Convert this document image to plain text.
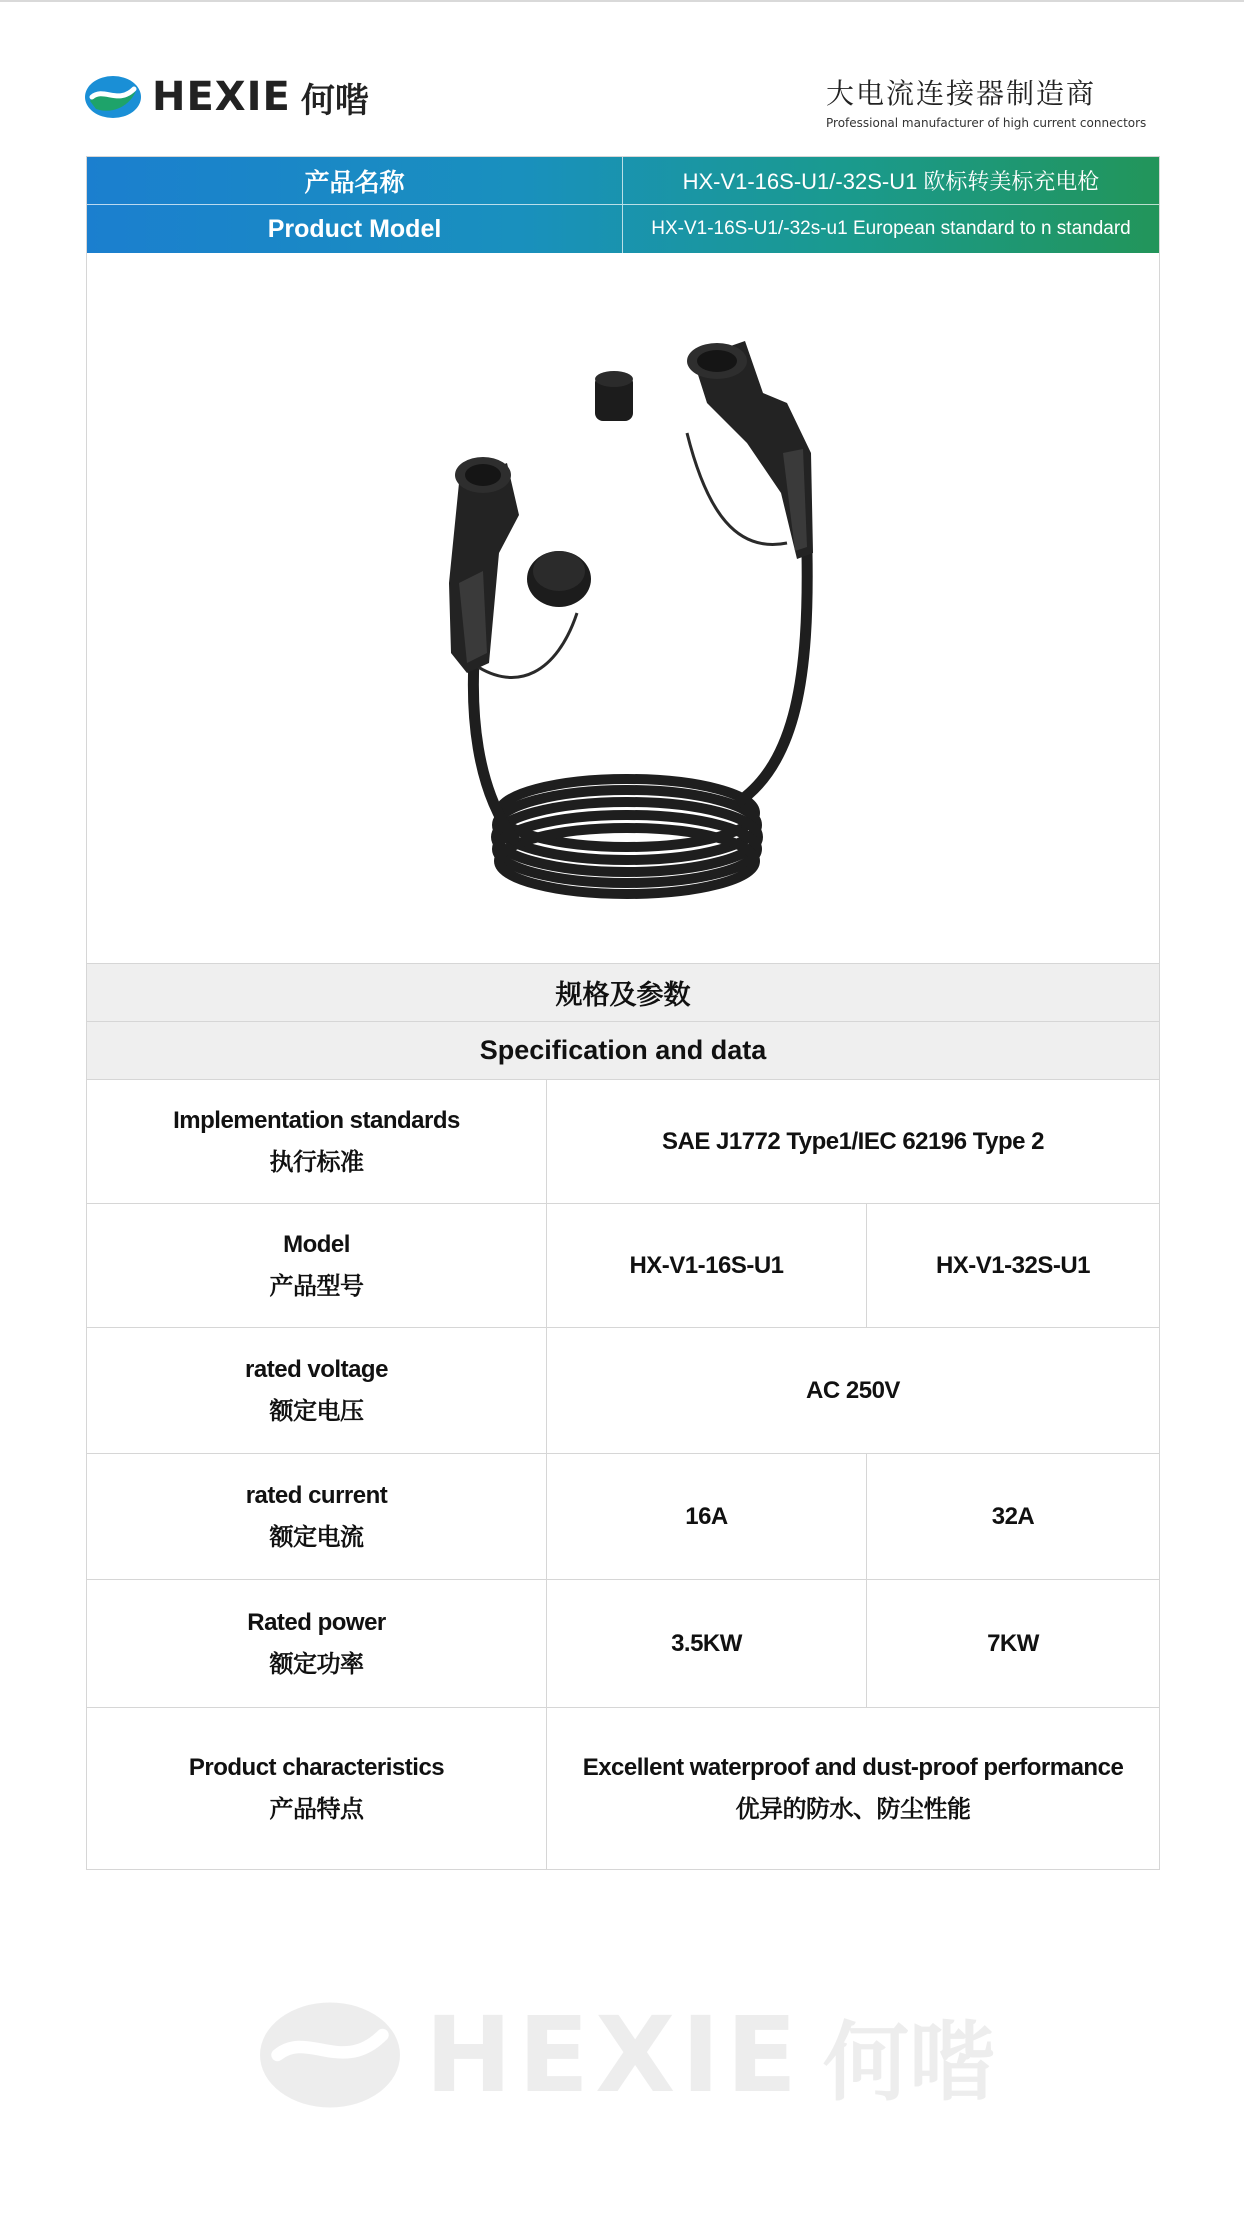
HEXIE 何喈	大电流连接器制造商
Professional manufacturer of high current connectors
产品名称	HX-V1-16S-U1/-32S-U1 欧标转美标充电枪
Product Model	HX-V1-16S-U1/-32s-u1 European standard to n standard
规格及参数
Specification and data
Implementation standards
执行标准
SAE J1772 Type1/IEC 62196 Type 2
Model
产品型号
HX-V1-16S-U1	HX-V1-32S-U1
rated voltage
额定电压
AC 250V
rated current
额定电流
16A	32A
Rated power
额定功率
3.5KW	7KW
Product characteristics
产品特点
Excellent waterproof and dust-proof performance
优异的防水、防尘性能
HEXIE 何喈
